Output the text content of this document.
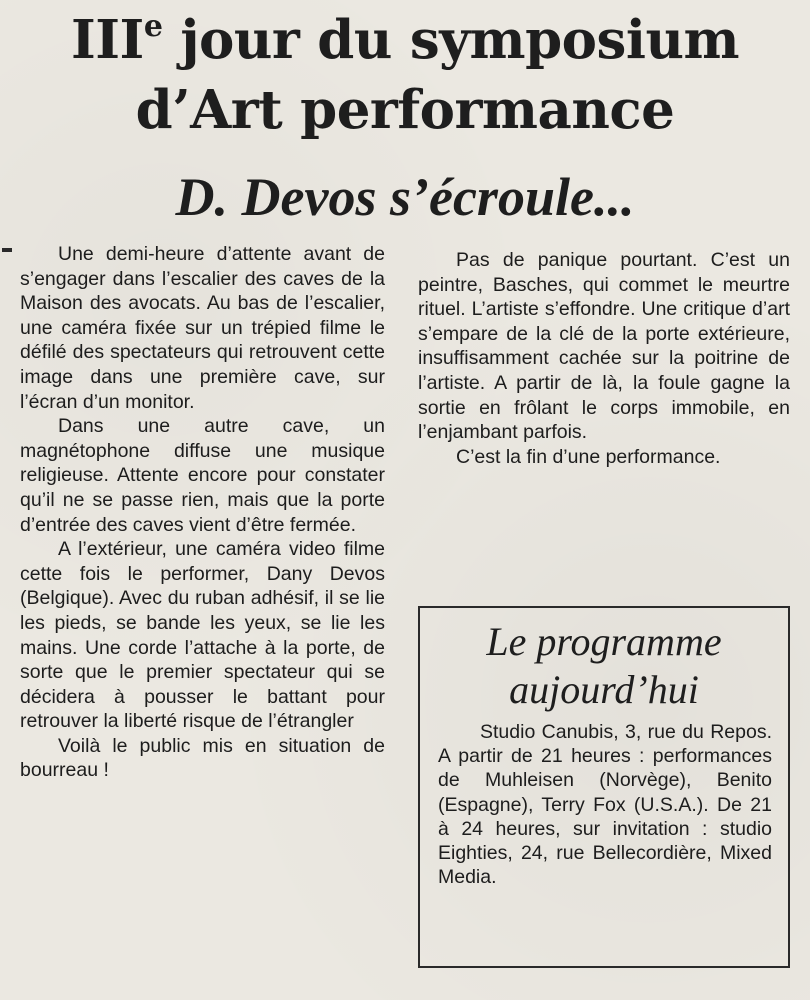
IIIe jour du symposium
d’Art performance
D. Devos s’écroule...

Une demi-heure d’attente avant de s’engager dans l’escalier des caves de la Maison des avocats. Au bas de l’escalier, une caméra fixée sur un trépied filme le défilé des spectateurs qui retrouvent cette image dans une première cave, sur l’écran d’un monitor.

Dans une autre cave, un magnétophone diffuse une musique religieuse. Attente encore pour constater qu’il ne se passe rien, mais que la porte d’entrée des caves vient d’être fermée.

A l’extérieur, une caméra video filme cette fois le performer, Dany Devos (Belgique). Avec du ruban adhésif, il se lie les pieds, se bande les yeux, se lie les mains. Une corde l’attache à la porte, de sorte que le premier spectateur qui se décidera à pousser le battant pour retrouver la liberté risque de l’étrangler

Voilà le public mis en situation de bourreau !

Pas de panique pourtant. C’est un peintre, Basches, qui commet le meurtre rituel. L’artiste s’effondre. Une critique d’art s’empare de la clé de la porte extérieure, insuffisamment cachée sur la poitrine de l’artiste. A partir de là, la foule gagne la sortie en frôlant le corps immobile, en l’enjambant parfois.

C’est la fin d’une performance.

Le programme
aujourd’hui

Studio Canubis, 3, rue du Repos. A partir de 21 heures : performances de Muhleisen (Norvège), Benito (Espagne), Terry Fox (U.S.A.). De 21 à 24 heures, sur invitation : studio Eighties, 24, rue Bellecordière, Mixed Media.
